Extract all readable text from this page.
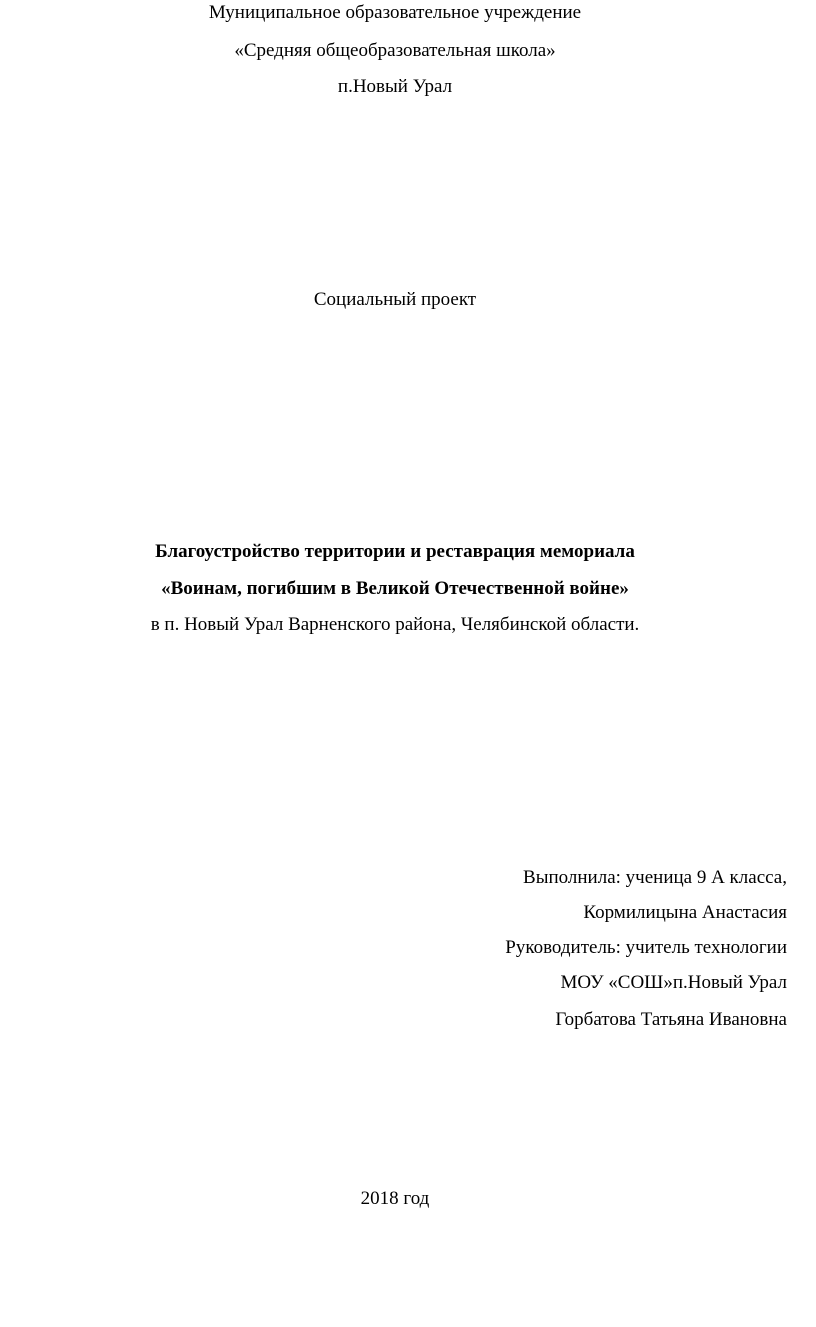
Муниципальное образовательное учреждение
«Средняя общеобразовательная школа»
п.Новый Урал
Социальный проект
Благоустройство территории и реставрация мемориала
«Воинам, погибшим в Великой Отечественной войне»
в п. Новый Урал Варненского района, Челябинской области.
Выполнила: ученица 9 А класса,
Кормилицына Анастасия
Руководитель: учитель технологии
МОУ «СОШ»п.Новый Урал
Горбатова Татьяна Ивановна
2018 год
